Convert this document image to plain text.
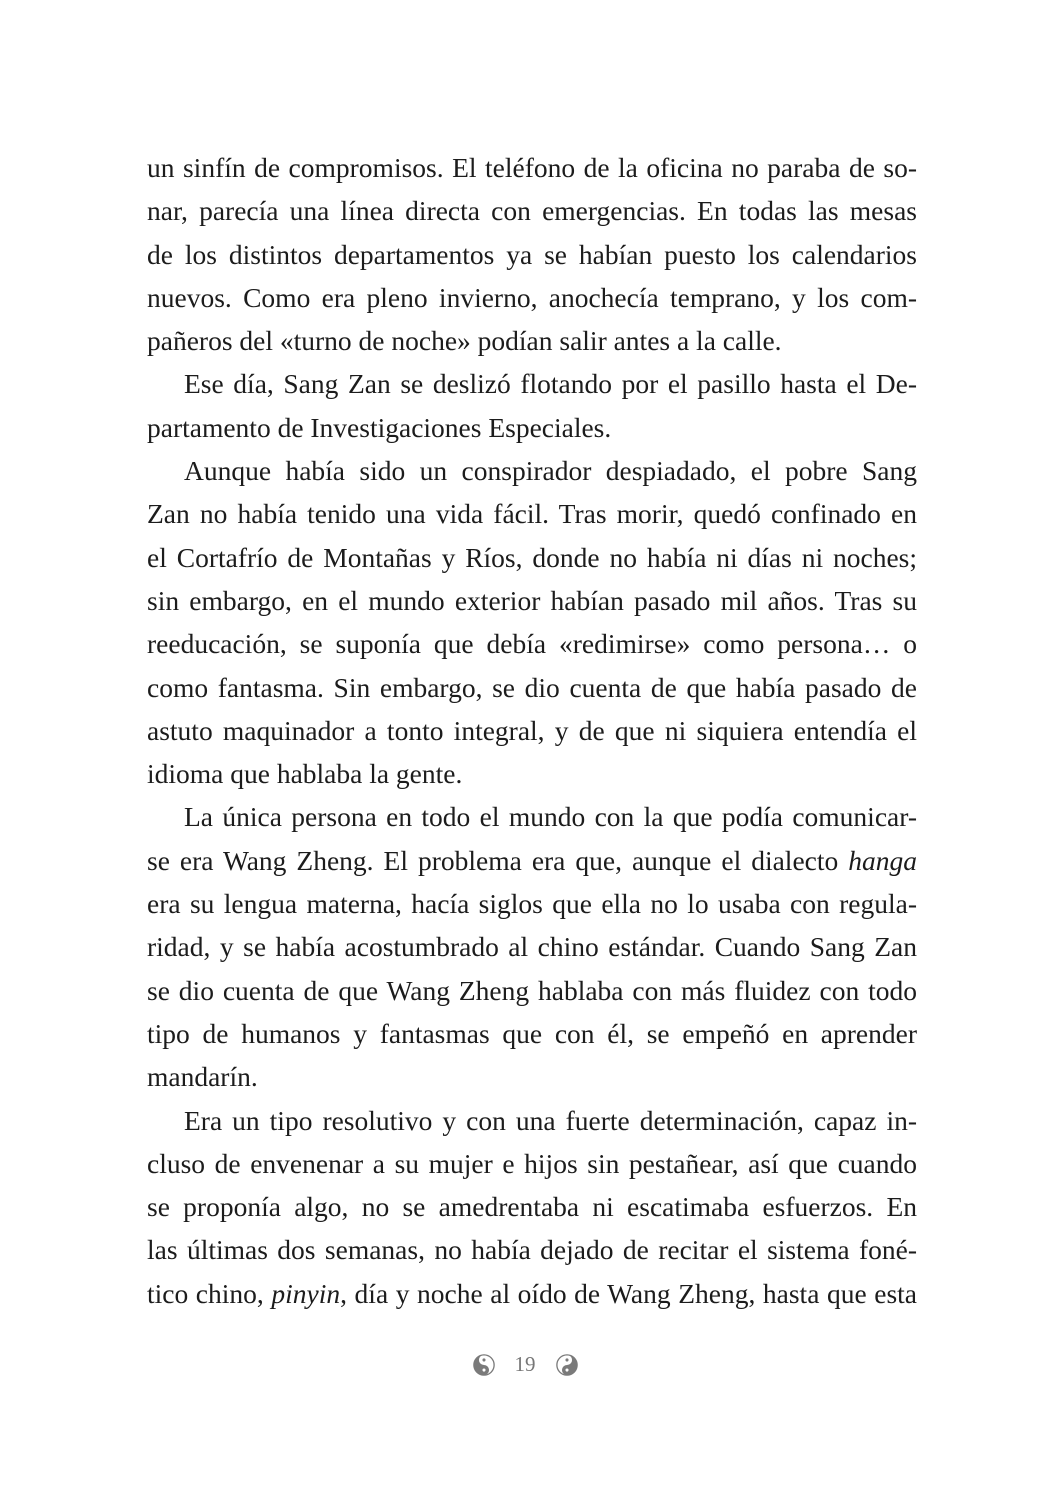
un sinfín de compromisos. El teléfono de la oficina no paraba de so-
nar, parecía una línea directa con emergencias. En todas las mesas
de los distintos departamentos ya se habían puesto los calendarios
nuevos. Como era pleno invierno, anochecía temprano, y los com-
pañeros del «turno de noche» podían salir antes a la calle.
Ese día, Sang Zan se deslizó flotando por el pasillo hasta el De-
partamento de Investigaciones Especiales.
Aunque había sido un conspirador despiadado, el pobre Sang
Zan no había tenido una vida fácil. Tras morir, quedó confinado en
el Cortafrío de Montañas y Ríos, donde no había ni días ni noches;
sin embargo, en el mundo exterior habían pasado mil años. Tras su
reeducación, se suponía que debía «redimirse» como persona… o
como fantasma. Sin embargo, se dio cuenta de que había pasado de
astuto maquinador a tonto integral, y de que ni siquiera entendía el
idioma que hablaba la gente.
La única persona en todo el mundo con la que podía comunicar-
se era Wang Zheng. El problema era que, aunque el dialecto hanga
era su lengua materna, hacía siglos que ella no lo usaba con regula-
ridad, y se había acostumbrado al chino estándar. Cuando Sang Zan
se dio cuenta de que Wang Zheng hablaba con más fluidez con todo
tipo de humanos y fantasmas que con él, se empeñó en aprender
mandarín.
Era un tipo resolutivo y con una fuerte determinación, capaz in-
cluso de envenenar a su mujer e hijos sin pestañear, así que cuando
se proponía algo, no se amedrentaba ni escatimaba esfuerzos. En
las últimas dos semanas, no había dejado de recitar el sistema foné-
tico chino, pinyin, día y noche al oído de Wang Zheng, hasta que esta
19
